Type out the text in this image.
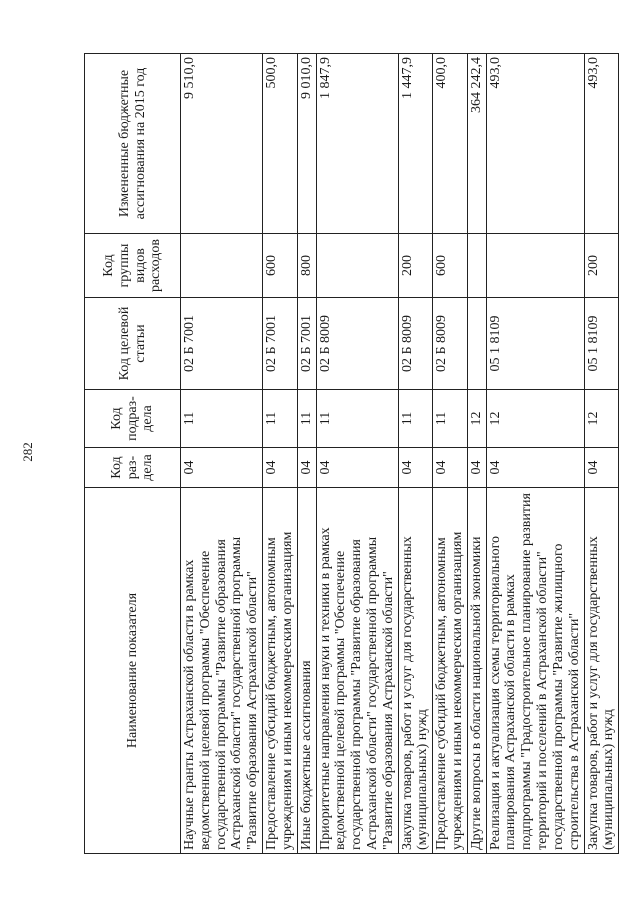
282
Наименование показателя	Код раз- дела	Код подраз- дела	Код целевой статьи	Код группы видов расходов	Измененные бюджетные ассигнования на 2015 год
Научные гранты Астраханской области в рамках ведомственной целевой программы "Обеспечение государственной программы "Развитие образования Астраханской области" государственной программы "Развитие образования Астраханской области"	04	11	02 Б 7001		9 510,0
Предоставление субсидий бюджетным, автономным учреждениям и иным некоммерческим организациям	04	11	02 Б 7001	600	500,0
Иные бюджетные ассигнования	04	11	02 Б 7001	800	9 010,0
Приоритетные направления науки и техники в рамках ведомственной целевой программы "Обеспечение государственной программы "Развитие образования Астраханской области" государственной программы "Развитие образования Астраханской области"	04	11	02 Б 8009		1 847,9
Закупка товаров, работ и услуг для государственных (муниципальных) нужд	04	11	02 Б 8009	200	1 447,9
Предоставление субсидий бюджетным, автономным учреждениям и иным некоммерческим организациям	04	11	02 Б 8009	600	400,0
Другие вопросы в области национальной экономики	04	12			364 242,4
Реализация и актуализация схемы территориального планирования Астраханской области в рамках подпрограммы "Градостроительное планирование развития территорий и поселений в Астраханской области" государственной программы "Развитие жилищного строительства в Астраханской области"	04	12	05 1 8109		493,0
Закупка товаров, работ и услуг для государственных (муниципальных) нужд	04	12	05 1 8109	200	493,0
